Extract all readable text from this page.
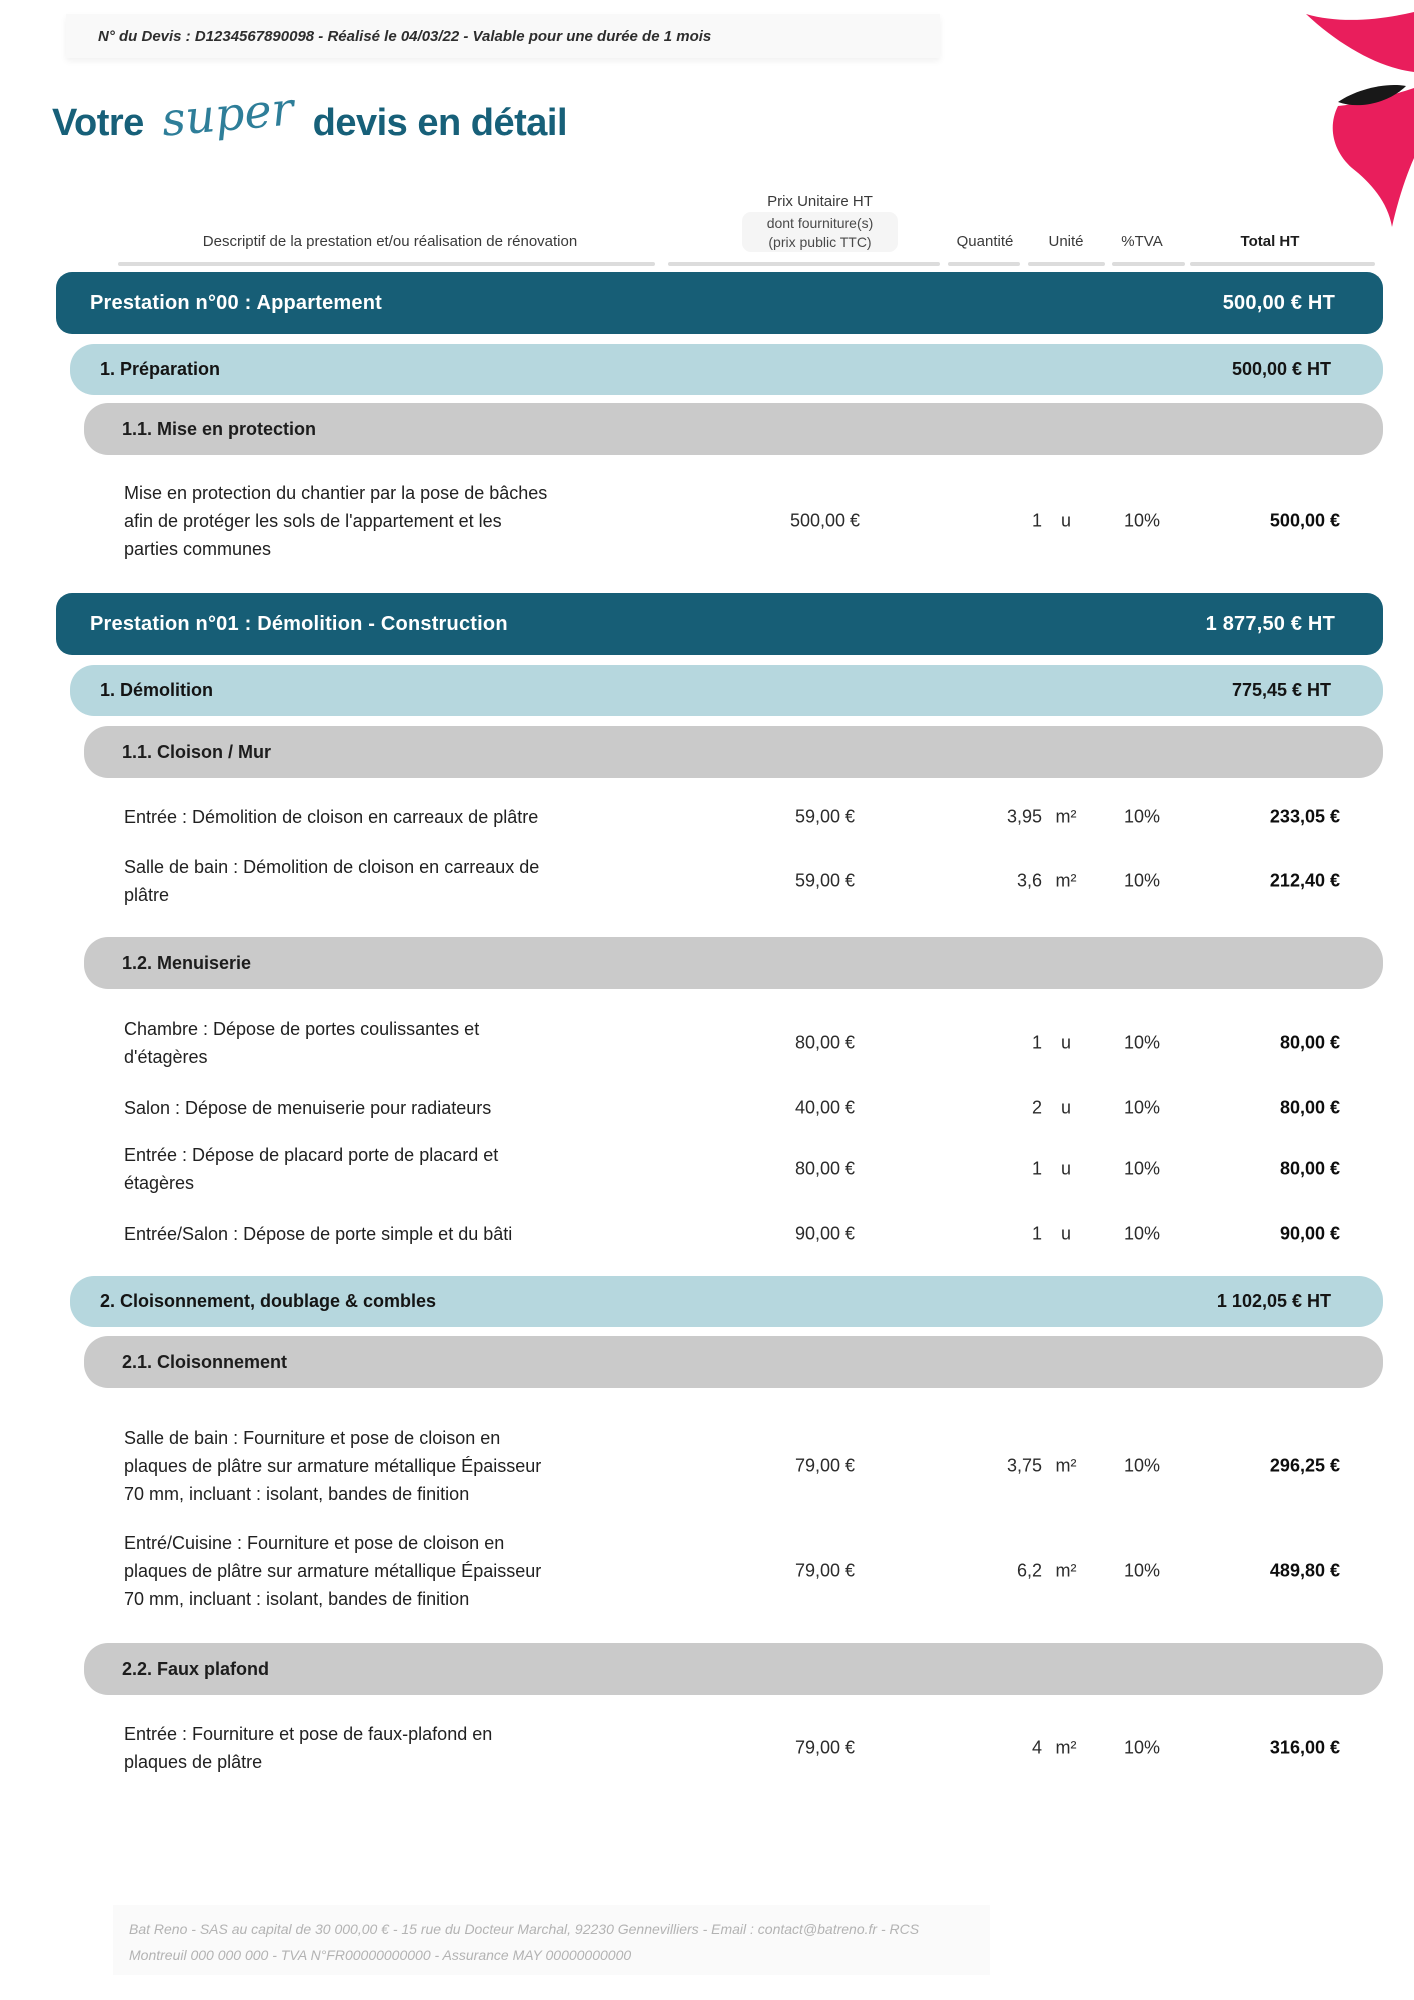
N° du Devis : D1234567890098 - Réalisé le 04/03/22 - Valable pour une durée de 1 mois
Votre super devis en détail
Descriptif de la prestation et/ou réalisation de rénovation
Prix Unitaire HT
dont fourniture(s)
(prix public TTC)	Quantité	Unité	%TVA	Total HT
Prestation n°00 : Appartement	500,00 € HT
1. Préparation	500,00 € HT
1.1. Mise en protection
Mise en protection du chantier par la pose de bâches afin de protéger les sols de l'appartement et les parties communes
500,00 €	1	u	10%	500,00 €
Prestation n°01 : Démolition - Construction	1 877,50 € HT
1. Démolition	775,45 € HT
1.1. Cloison / Mur
Entrée : Démolition de cloison en carreaux de plâtre	59,00 €	3,95 m²	10%	233,05 €
Salle de bain : Démolition de cloison en carreaux de plâtre
59,00 €	3,6 m²	10%	212,40 €
1.2. Menuiserie
Chambre : Dépose de portes coulissantes et d'étagères
80,00 €	1	u	10%	80,00 €
Salon : Dépose de menuiserie pour radiateurs	40,00 €	2	u	10%	80,00 €
Entrée : Dépose de placard porte de placard et étagères
80,00 €	1	u	10%	80,00 €
Entrée/Salon : Dépose de porte simple et du bâti	90,00 €	1	u	10%	90,00 €
2. Cloisonnement, doublage & combles	1 102,05 € HT
2.1. Cloisonnement
Salle de bain : Fourniture et pose de cloison en plaques de plâtre sur armature métallique Épaisseur 70 mm, incluant : isolant, bandes de finition
79,00 €	3,75 m²	10%	296,25 €
Entré/Cuisine : Fourniture et pose de cloison en plaques de plâtre sur armature métallique Épaisseur 70 mm, incluant : isolant, bandes de finition
79,00 €	6,2 m²	10%	489,80 €
2.2. Faux plafond
Entrée : Fourniture et pose de faux-plafond en plaques de plâtre
79,00 €	4 m²	10%	316,00 €
Bat Reno - SAS au capital de 30 000,00 € - 15 rue du Docteur Marchal, 92230 Gennevilliers - Email : contact@batreno.fr - RCS
Montreuil 000 000 000 - TVA N°FR00000000000 - Assurance MAY 00000000000
